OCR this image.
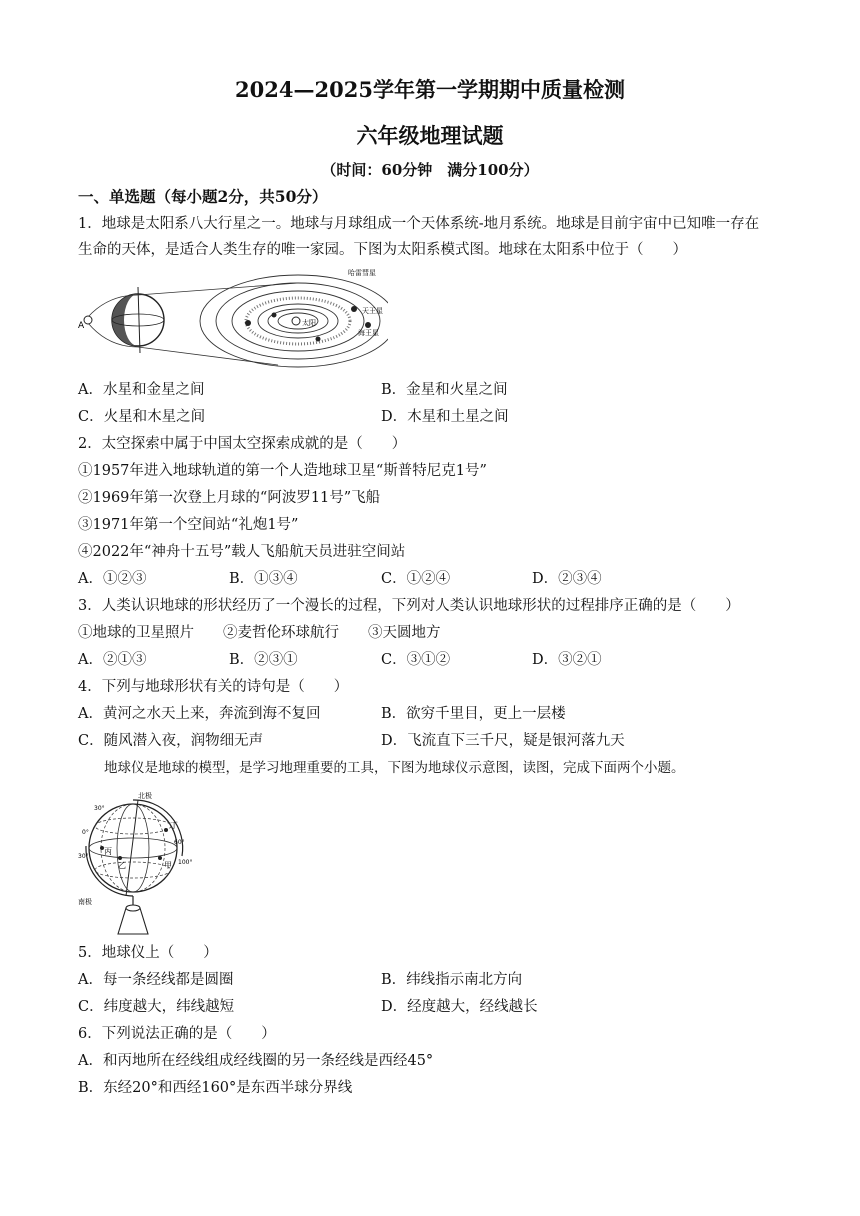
2024—2025学年第一学期期中质量检测
六年级地理试题
（时间：60分钟　满分100分）
一、单选题（每小题2分，共50分）
1．地球是太阳系八大行星之一。地球与月球组成一个天体系统-地月系统。地球是目前宇宙中已知唯一存在
生命的天体，是适合人类生存的唯一家园。下图为太阳系模式图。地球在太阳系中位于（　　）
A	太阳
哈雷彗星
天王星
海王星
A．水星和金星之间	B．金星和火星之间
C．火星和木星之间	D．木星和土星之间
2．太空探索中属于中国太空探索成就的是（　　）
①1957年进入地球轨道的第一个人造地球卫星“斯普特尼克1号”
②1969年第一次登上月球的“阿波罗11号”飞船
③1971年第一个空间站“礼炮1号”
④2022年“神舟十五号”载人飞船航天员进驻空间站
A．①②③	B．①③④	C．①②④	D．②③④
3．人类认识地球的形状经历了一个漫长的过程，下列对人类认识地球形状的过程排序正确的是（　　）
①地球的卫星照片　　②麦哲伦环球航行　　③天圆地方
A．②①③	B．②③①	C．③①②	D．③②①
4．下列与地球形状有关的诗句是（　　）
A．黄河之水天上来，奔流到海不复回	B．欲穷千里目，更上一层楼
C．随风潜入夜，润物细无声	D．飞流直下三千尺，疑是银河落九天
地球仪是地球的模型，是学习地理重要的工具，下图为地球仪示意图，读图，完成下面两个小题。
北极
南极
30°
0°
30°
60°
100°
丙
乙	甲
丁
5．地球仪上（　　）
A．每一条经线都是圆圈	B．纬线指示南北方向
C．纬度越大，纬线越短	D．经度越大，经线越长
6．下列说法正确的是（　　）
A．和丙地所在经线组成经线圈的另一条经线是西经45°
B．东经20°和西经160°是东西半球分界线
